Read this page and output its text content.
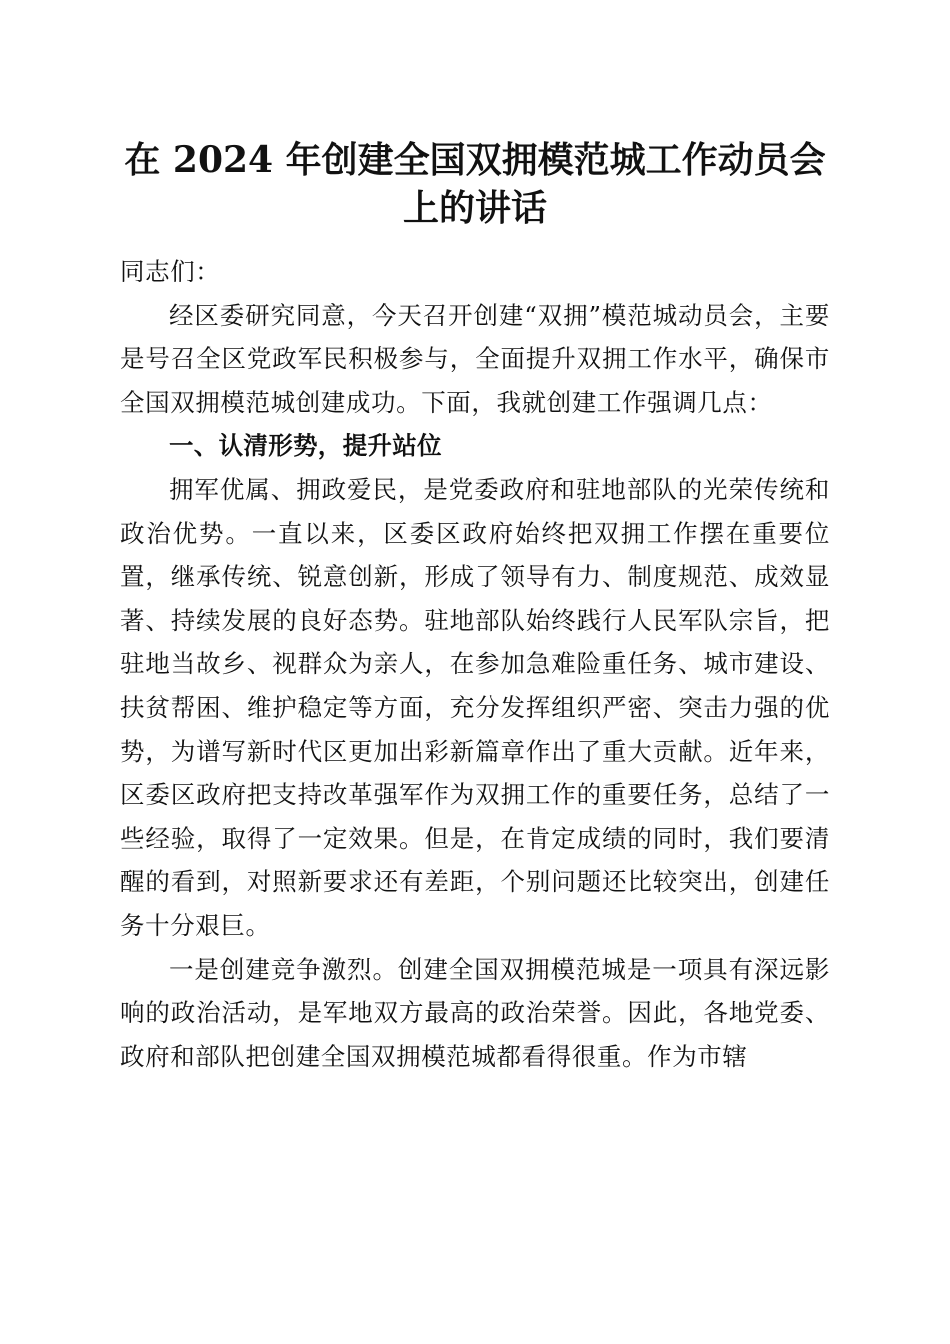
在 2024 年创建全国双拥模范城工作动员会上的讲话

同志们：

经区委研究同意，今天召开创建“双拥”模范城动员会，主要是号召全区党政军民积极参与，全面提升双拥工作水平，确保市全国双拥模范城创建成功。下面，我就创建工作强调几点：

一、认清形势，提升站位

拥军优属、拥政爱民，是党委政府和驻地部队的光荣传统和政治优势。一直以来，区委区政府始终把双拥工作摆在重要位置，继承传统、锐意创新，形成了领导有力、制度规范、成效显著、持续发展的良好态势。驻地部队始终践行人民军队宗旨，把驻地当故乡、视群众为亲人，在参加急难险重任务、城市建设、扶贫帮困、维护稳定等方面，充分发挥组织严密、突击力强的优势，为谱写新时代区更加出彩新篇章作出了重大贡献。近年来，区委区政府把支持改革强军作为双拥工作的重要任务，总结了一些经验，取得了一定效果。但是，在肯定成绩的同时，我们要清醒的看到，对照新要求还有差距，个别问题还比较突出，创建任务十分艰巨。

一是创建竞争激烈。创建全国双拥模范城是一项具有深远影响的政治活动，是军地双方最高的政治荣誉。因此，各地党委、政府和部队把创建全国双拥模范城都看得很重。作为市辖
